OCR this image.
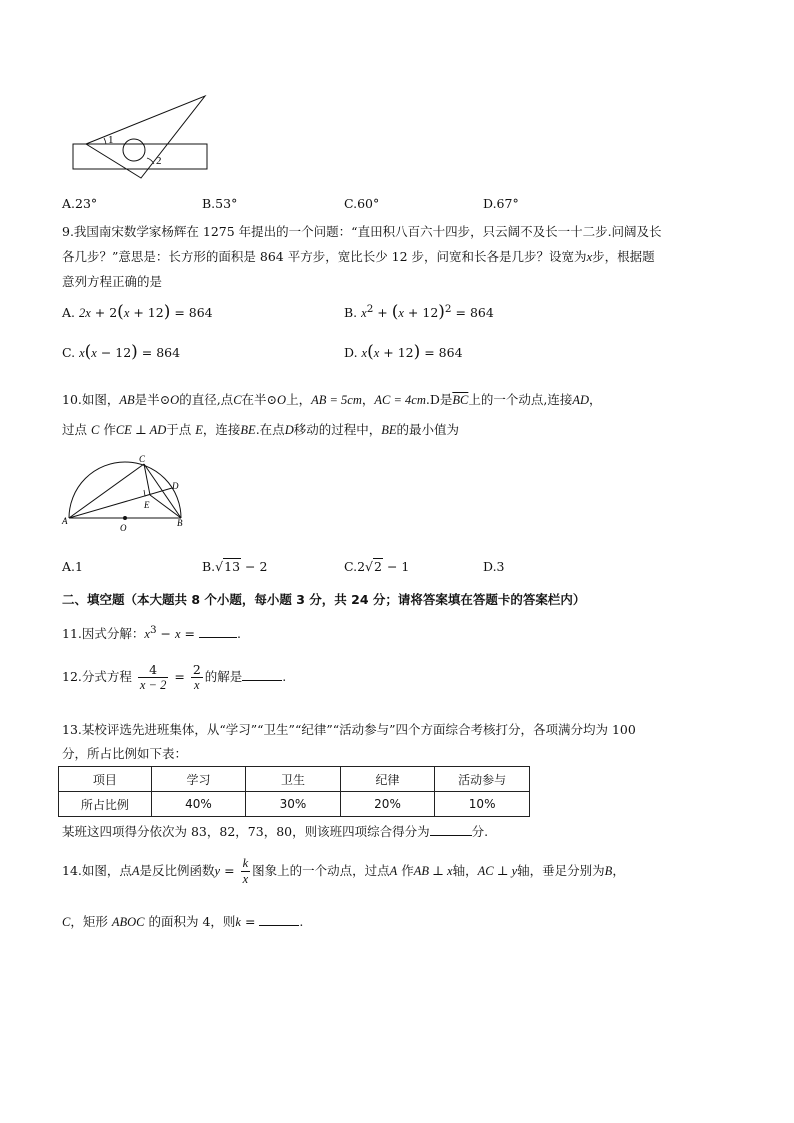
1
2
A.23°	B.53°	C.60°	D.67°
9.我国南宋数学家杨辉在 1275 年提出的一个问题：“直田积八百六十四步，只云阔不及长一十二步.问阔及长
各几步？”意思是：长方形的面积是 864 平方步，宽比长少 12 步，问宽和长各是几步？设宽为x步，根据题
意列方程正确的是
A. 2x + 2(x + 12) = 864	B. $x^2 + (x + 12)^2 = 864$
C. x(x − 12) = 864	D. x(x + 12) = 864
10.如图，AB是半⊙O的直径,点C在半⊙O上，AB = 5cm，AC = 4cm.D是$\overline{BC}$上的一个动点,连接AD，
过点 C 作CE ⊥ AD于点 E，连接BE.在点D移动的过程中，BE的最小值为
A	B
C
D
E
O
A.1	B.√13 − 2	C.2√2 − 1	D.3
二、填空题（本大题共 8 个小题，每小题 3 分，共 24 分；请将答案填在答题卡的答案栏内）
11.因式分解：$x^3 - x$ =	.
12.分式方程 $\frac{4}{x - 2} = \frac{2}{x}$ 的解是	.
13.某校评选先进班集体，从“学习”“卫生”“纪律”“活动参与”四个方面综合考核打分，各项满分均为 100
分，所占比例如下表：
项目	学习	卫生	纪律	活动参与
所占比例	40%	30%	20%	10%
某班这四项得分依次为 83，82，73，80，则该班四项综合得分为	分.
14.如图，点A是反比例函数$y = \frac{k}{x}$ 图象上的一个动点，过点A 作AB ⊥ x轴，AC ⊥ y轴，垂足分别为B，
C，矩形 ABOC 的面积为 4，则k =	.
